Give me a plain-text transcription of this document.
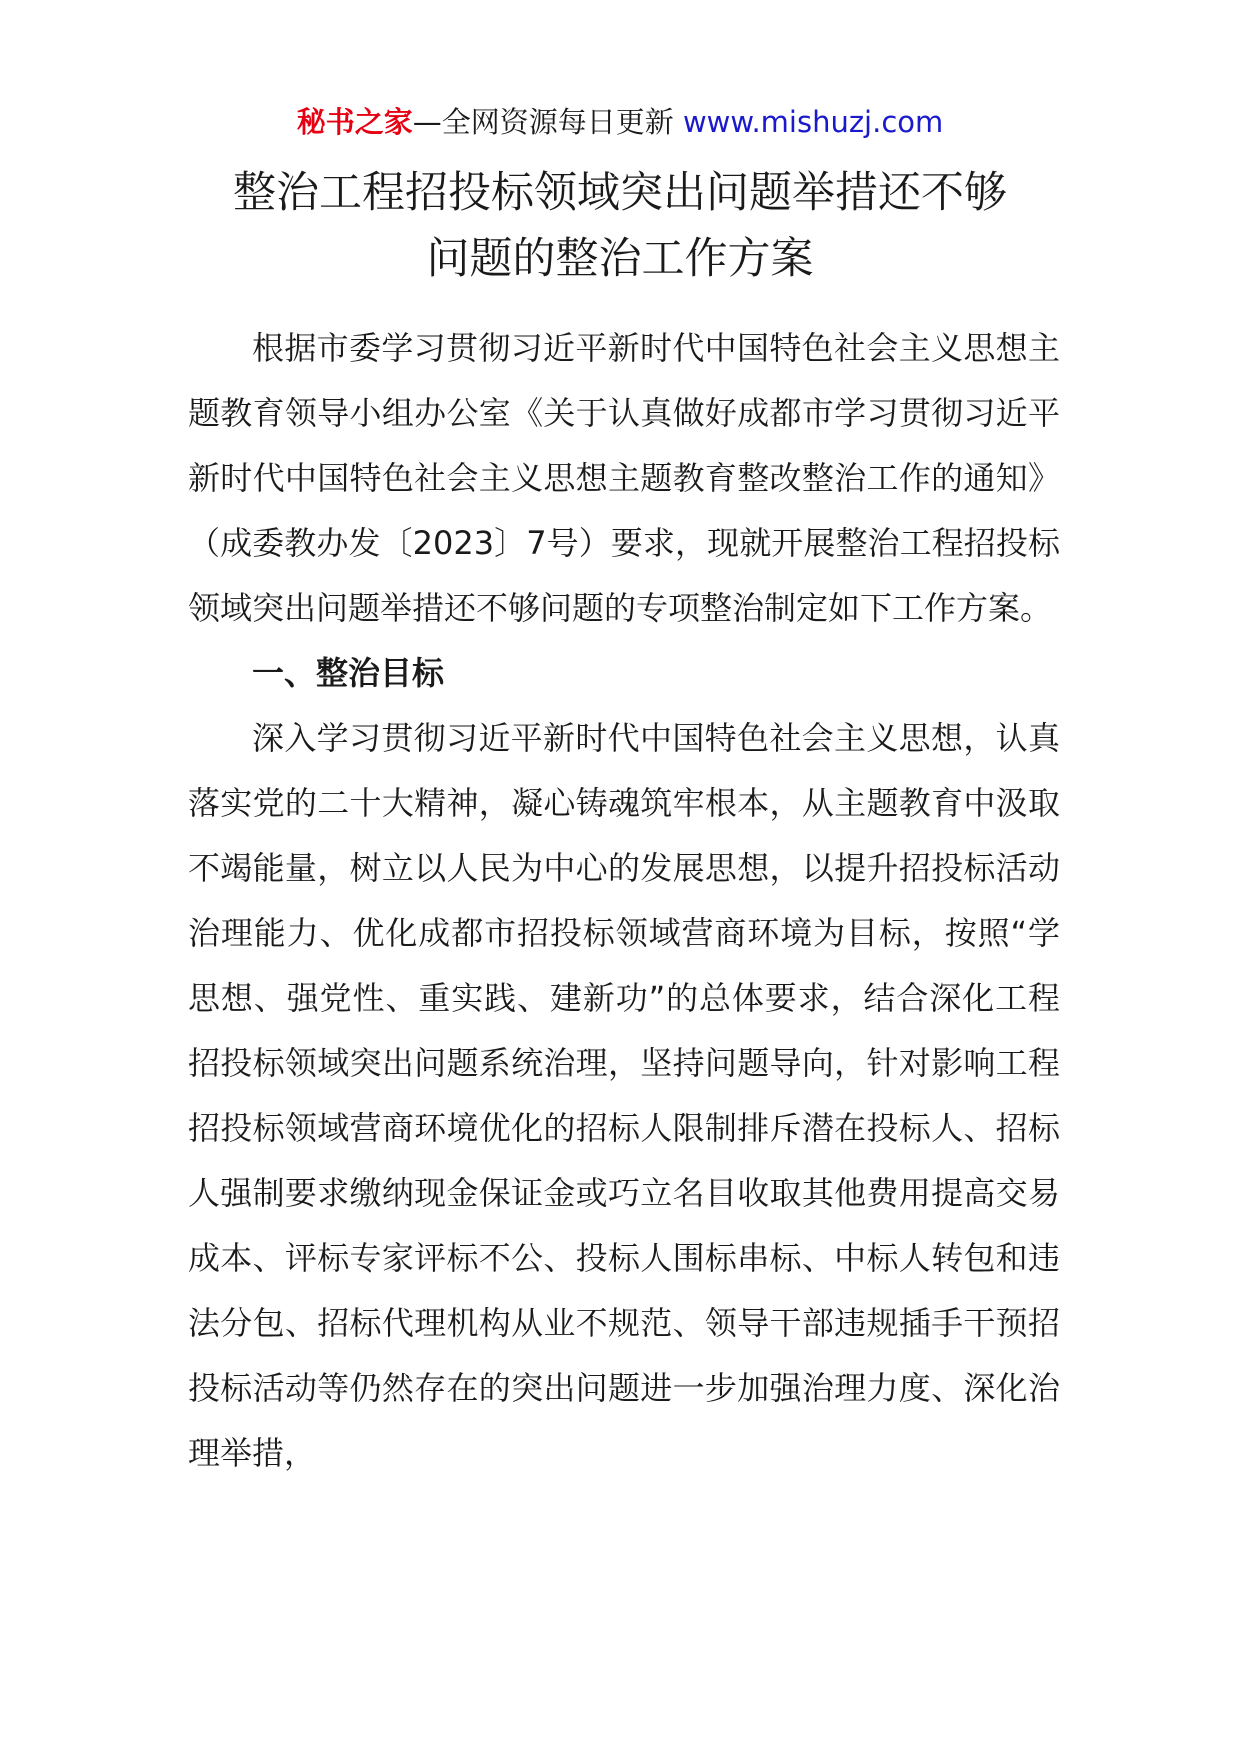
秘书之家—全网资源每日更新 www.mishuzj.com
整治工程招投标领域突出问题举措还不够
问题的整治工作方案

根据市委学习贯彻习近平新时代中国特色社会主义思想主题教育领导小组办公室《关于认真做好成都市学习贯彻习近平新时代中国特色社会主义思想主题教育整改整治工作的通知》（成委教办发〔2023〕7号）要求，现就开展整治工程招投标领域突出问题举措还不够问题的专项整治制定如下工作方案。

一、整治目标

深入学习贯彻习近平新时代中国特色社会主义思想，认真落实党的二十大精神，凝心铸魂筑牢根本，从主题教育中汲取不竭能量，树立以人民为中心的发展思想，以提升招投标活动治理能力、优化成都市招投标领域营商环境为目标，按照“学思想、强党性、重实践、建新功”的总体要求，结合深化工程招投标领域突出问题系统治理，坚持问题导向，针对影响工程招投标领域营商环境优化的招标人限制排斥潜在投标人、招标人强制要求缴纳现金保证金或巧立名目收取其他费用提高交易成本、评标专家评标不公、投标人围标串标、中标人转包和违法分包、招标代理机构从业不规范、领导干部违规插手干预招投标活动等仍然存在的突出问题进一步加强治理力度、深化治理举措，
